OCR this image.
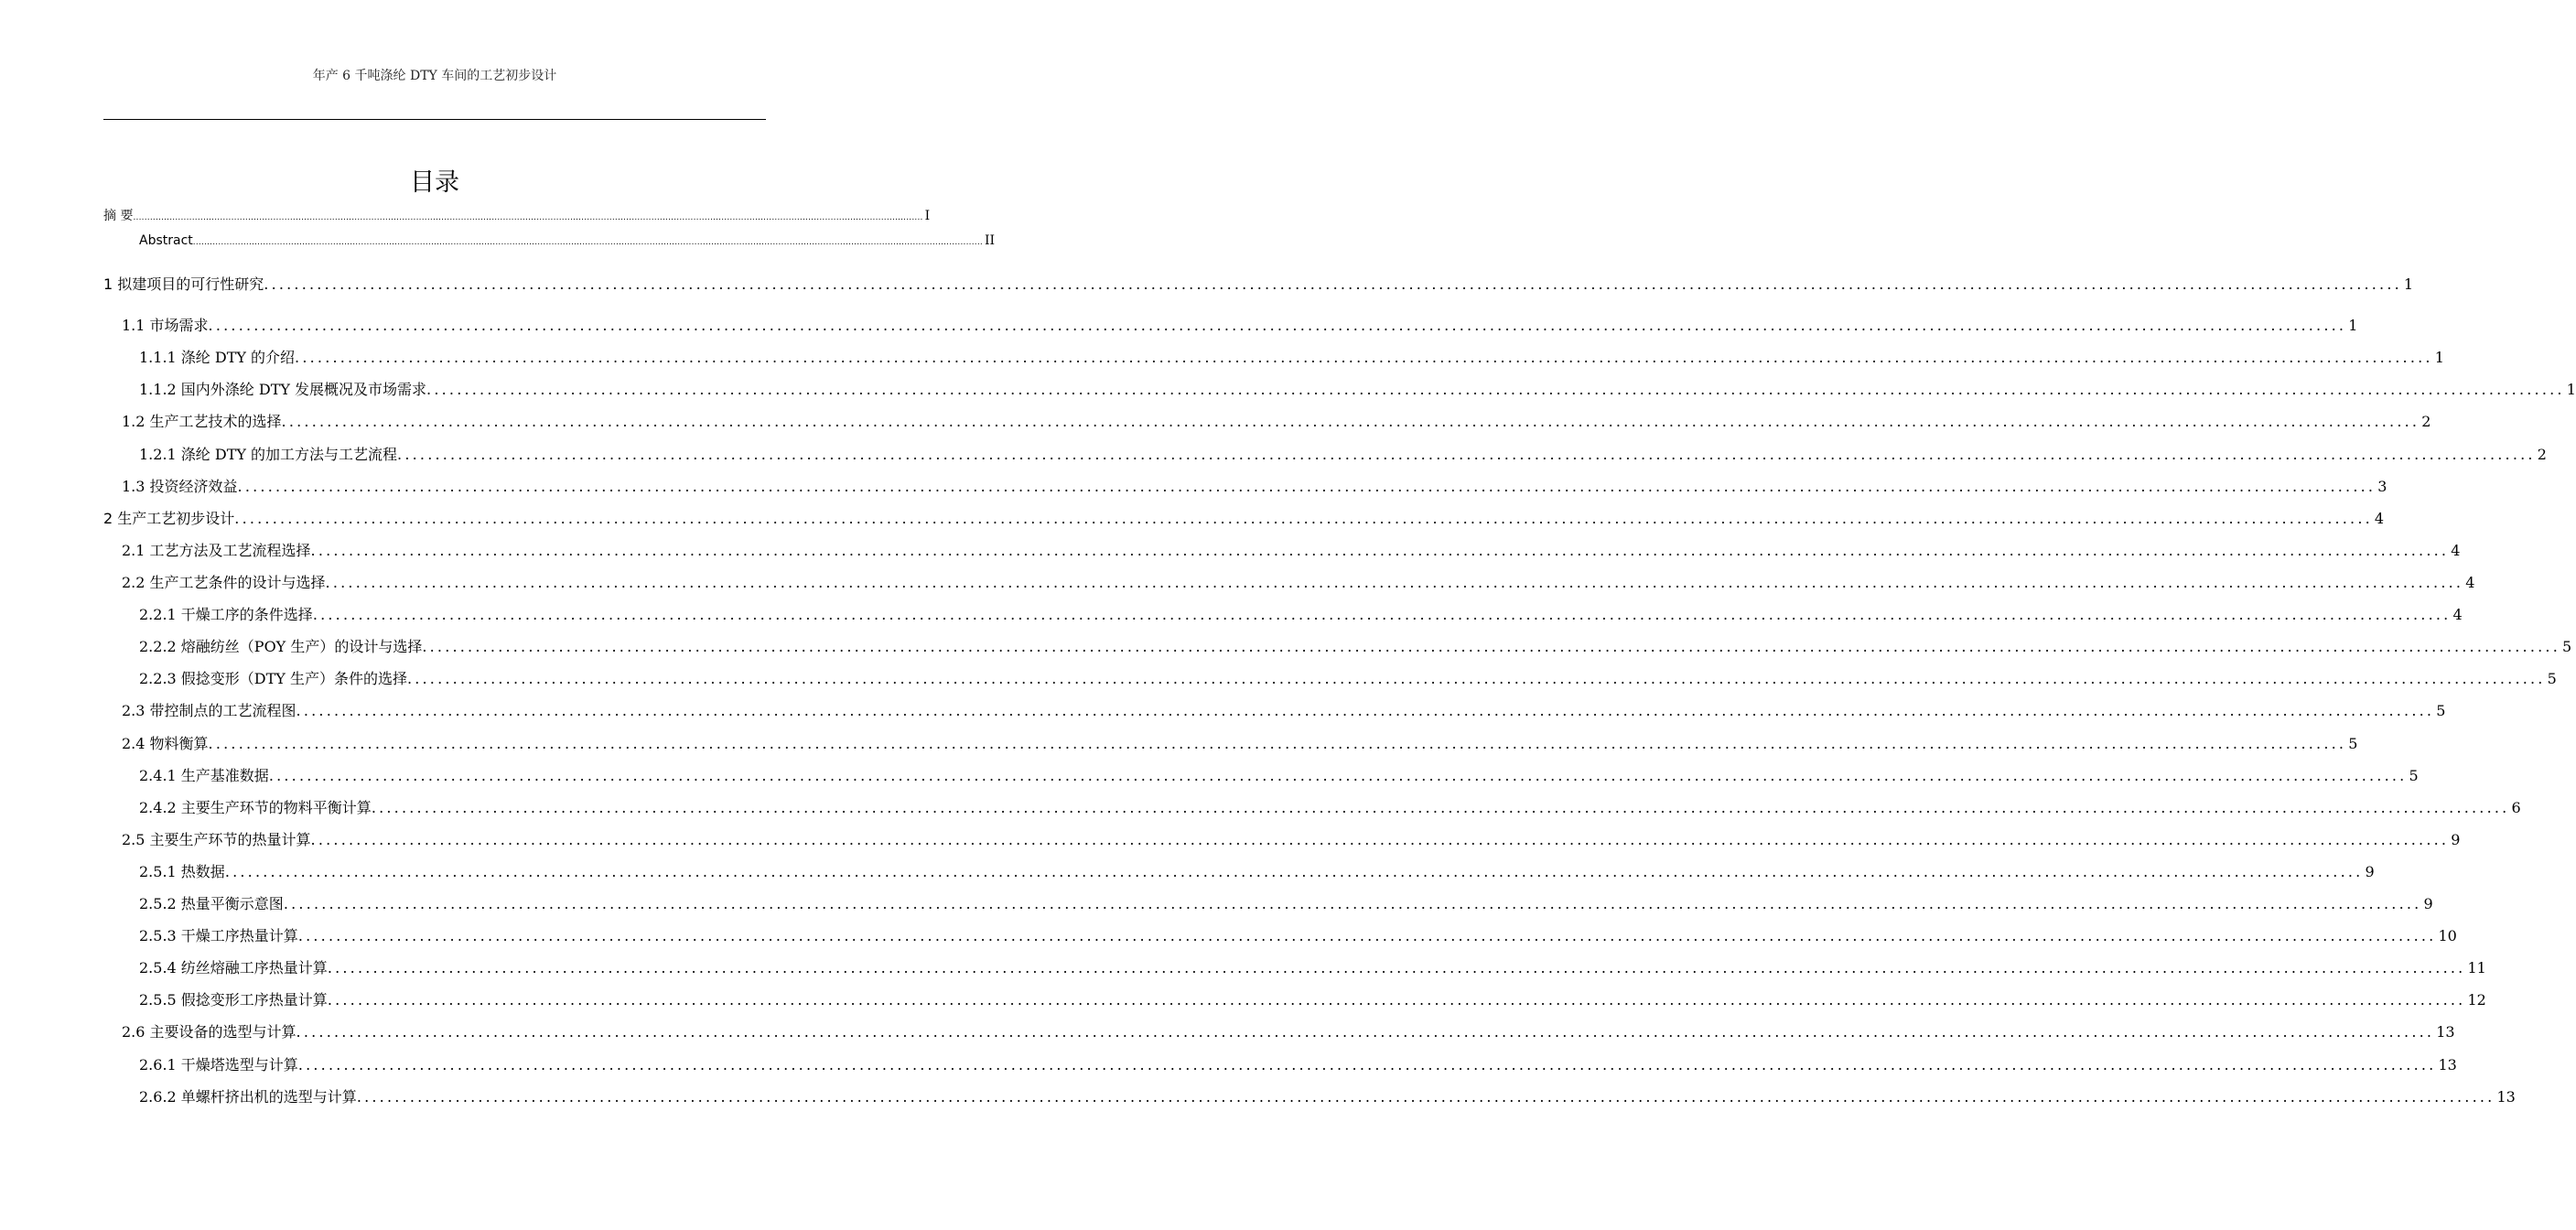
年产 6 千吨涤纶 DTY 车间的工艺初步设计
目录
摘 要 .......................................................................................................................................................................................................................................................................................... I
Abstract .......................................................................................................................................................................................................................................................................................... II
1 拟建项目的可行性研究 .......................................................................................................................................................................................................................................................................................... 1
1.1 市场需求 .......................................................................................................................................................................................................................................................................................... 1
1.1.1 涤纶 DTY 的介绍 .......................................................................................................................................................................................................................................................................................... 1
1.1.2 国内外涤纶 DTY 发展概况及市场需求 .......................................................................................................................................................................................................................................................................................... 1
1.2 生产工艺技术的选择 .......................................................................................................................................................................................................................................................................................... 2
1.2.1 涤纶 DTY 的加工方法与工艺流程 .......................................................................................................................................................................................................................................................................................... 2
1.3 投资经济效益 .......................................................................................................................................................................................................................................................................................... 3
2 生产工艺初步设计 .......................................................................................................................................................................................................................................................................................... 4
2.1 工艺方法及工艺流程选择 .......................................................................................................................................................................................................................................................................................... 4
2.2 生产工艺条件的设计与选择 .......................................................................................................................................................................................................................................................................................... 4
2.2.1 干燥工序的条件选择 .......................................................................................................................................................................................................................................................................................... 4
2.2.2 熔融纺丝（POY 生产）的设计与选择 .......................................................................................................................................................................................................................................................................................... 5
2.2.3 假捻变形（DTY 生产）条件的选择 .......................................................................................................................................................................................................................................................................................... 5
2.3 带控制点的工艺流程图 .......................................................................................................................................................................................................................................................................................... 5
2.4 物料衡算 .......................................................................................................................................................................................................................................................................................... 5
2.4.1 生产基准数据 .......................................................................................................................................................................................................................................................................................... 5
2.4.2 主要生产环节的物料平衡计算 .......................................................................................................................................................................................................................................................................................... 6
2.5 主要生产环节的热量计算 .......................................................................................................................................................................................................................................................................................... 9
2.5.1 热数据 .......................................................................................................................................................................................................................................................................................... 9
2.5.2 热量平衡示意图 .......................................................................................................................................................................................................................................................................................... 9
2.5.3 干燥工序热量计算 .......................................................................................................................................................................................................................................................................................... 10
2.5.4 纺丝熔融工序热量计算 .......................................................................................................................................................................................................................................................................................... 11
2.5.5 假捻变形工序热量计算 .......................................................................................................................................................................................................................................................................................... 12
2.6 主要设备的选型与计算 .......................................................................................................................................................................................................................................................................................... 13
2.6.1 干燥塔选型与计算 .......................................................................................................................................................................................................................................................................................... 13
2.6.2 单螺杆挤出机的选型与计算 .......................................................................................................................................................................................................................................................................................... 13
